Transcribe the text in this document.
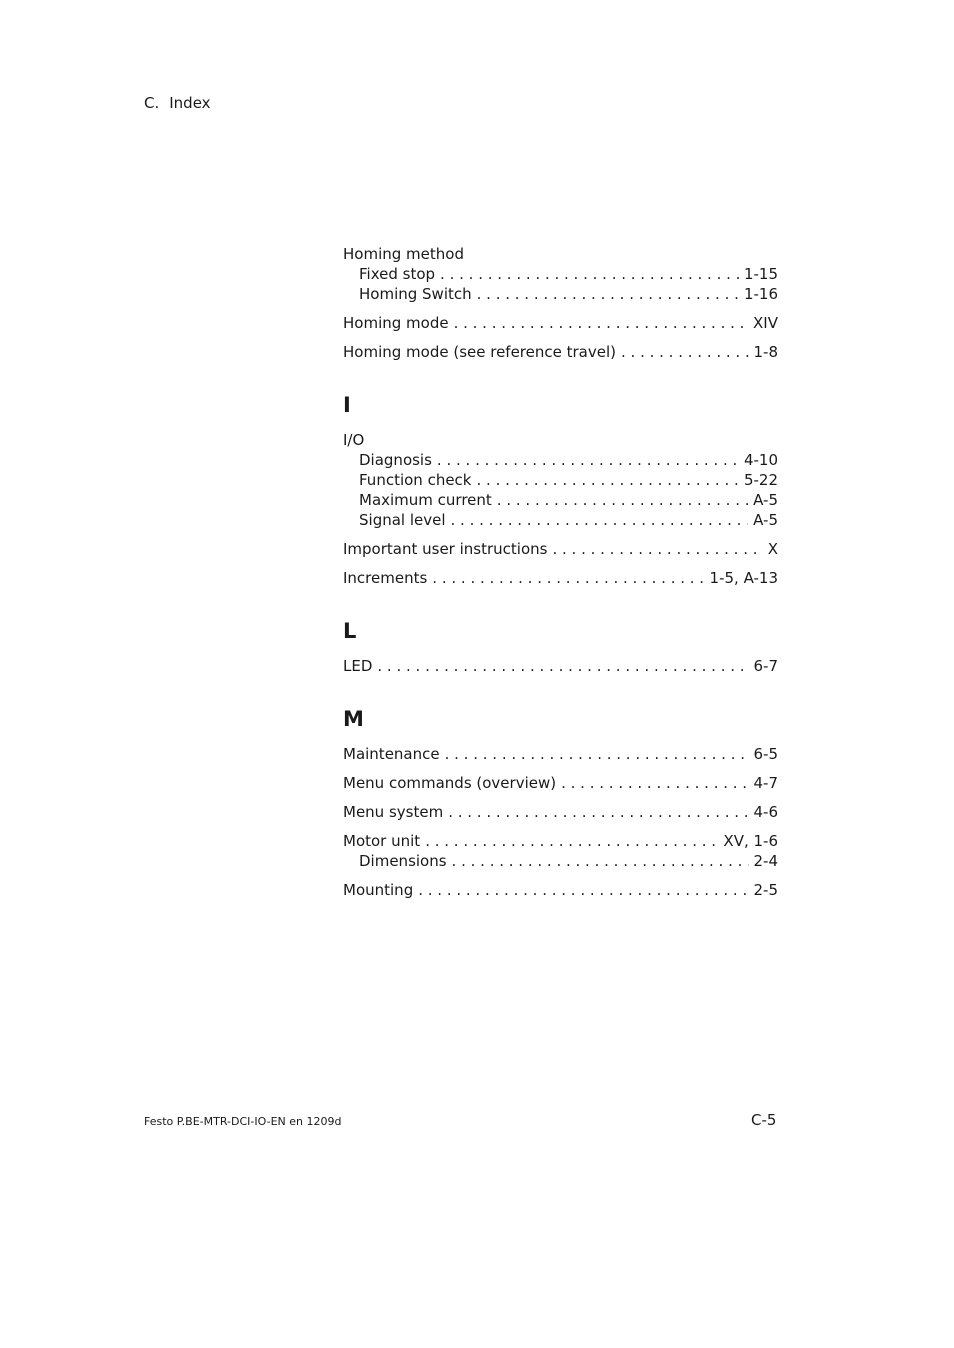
C. Index
Homing method
Fixed stop . . .	1-15
Homing Switch . . .	1-16
Homing mode . . .	XIV
Homing mode (see reference travel) . . .	1-8
I
I/O
Diagnosis . . .	4-10
Function check . . .	5-22
Maximum current . . .	A-5
Signal level . . .	A-5
Important user instructions . . .	X
Increments . . .	1-5, A-13
L
LED . . .	6-7
M
Maintenance . . .	6-5
Menu commands (overview) . . .	4-7
Menu system . . .	4-6
Motor unit . . .	XV, 1-6
Dimensions . . .	2-4
Mounting . . .	2-5
Festo P.BE-MTR-DCI-IO-EN en 1209d	C-5
